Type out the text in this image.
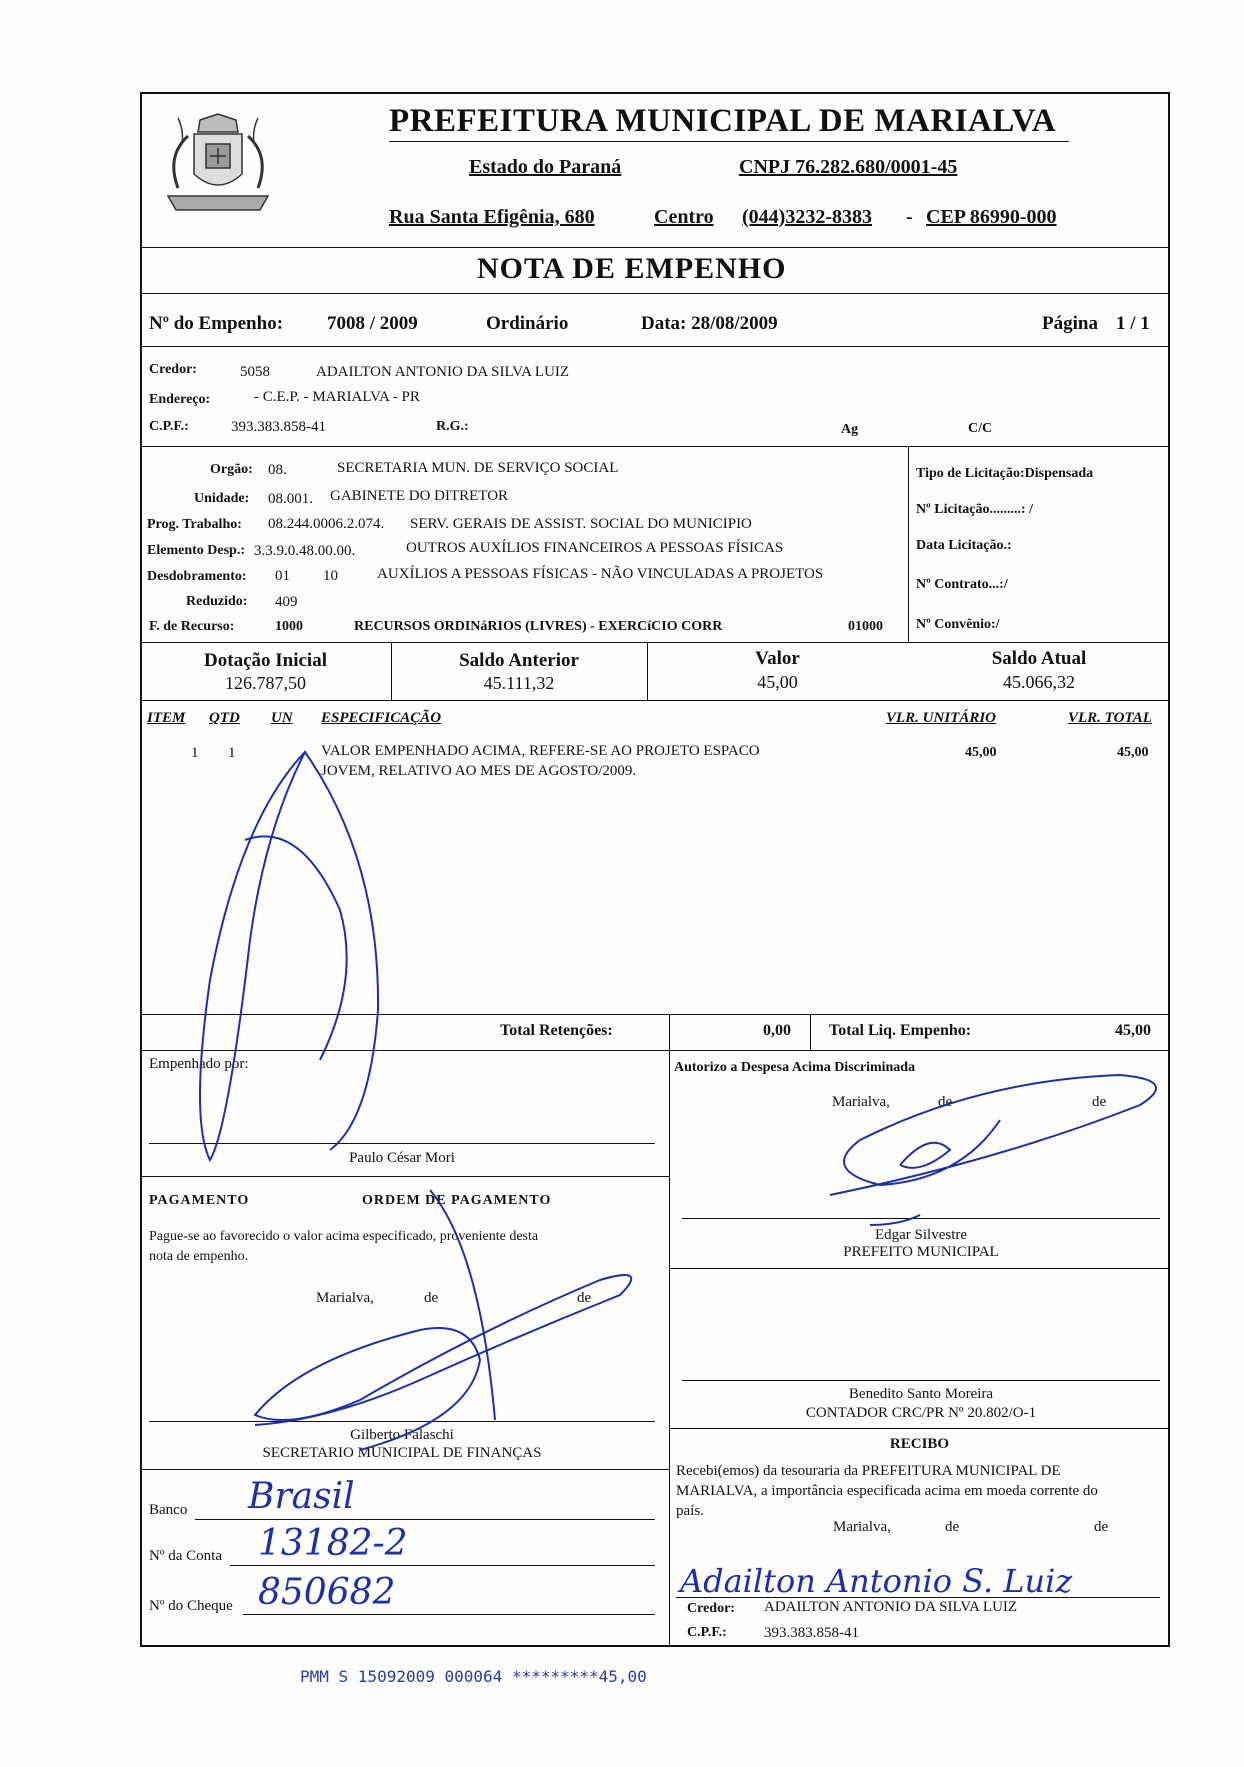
PREFEITURA MUNICIPAL DE MARIALVA
Estado do Paraná	CNPJ 76.282.680/0001-45
Rua Santa Efigênia, 680	Centro (044)3232-8383 - CEP 86990-000
NOTA DE EMPENHO
Nº do Empenho: 7008 / 2009	Ordinário	Data: 28/08/2009	Página 1 / 1
Credor:	5058	ADAILTON ANTONIO DA SILVA LUIZ
Endereço:	- C.E.P. - MARIALVA - PR
C.P.F.:	393.383.858-41	R.G.:	Ag	C/C
Orgão: 08.	SECRETARIA MUN. DE SERVIÇO SOCIAL
Unidade: 08.001. GABINETE DO DITRETOR
Prog. Trabalho: 08.244.0006.2.074. SERV. GERAIS DE ASSIST. SOCIAL DO MUNICIPIO
Elemento Desp.: 3.3.9.0.48.00.00.	OUTROS AUXÍLIOS FINANCEIROS A PESSOAS FÍSICAS
Desdobramento: 01 10	AUXÍLIOS A PESSOAS FÍSICAS - NÃO VINCULADAS A PROJETOS
Reduzido: 409
F. de Recurso:	1000	RECURSOS ORDINáRIOS (LIVRES) - EXERCíCIO CORR	01000
Tipo de Licitação:Dispensada
Nº Licitação.........: /
Data Licitação.:
Nº Contrato...:/
Nº Convênio:/
Dotação Inicial
126.787,50
Saldo Anterior
45.111,32
Valor
45,00
Saldo Atual
45.066,32
ITEM QTD UN ESPECIFICAÇÃO	VLR. UNITÁRIO	VLR. TOTAL
1 1	VALOR EMPENHADO ACIMA, REFERE-SE AO PROJETO ESPACO
JOVEM, RELATIVO AO MES DE AGOSTO/2009.
45,00	45,00
Total Retenções:	0,00 Total Liq. Empenho:	45,00
Empenhado por:
Paulo César Mori
PAGAMENTO	ORDEM DE PAGAMENTO
Pague-se ao favorecido o valor acima especificado, proveniente desta
nota de empenho.
Marialva,	de	de
Gilberto Falaschi
SECRETARIO MUNICIPAL DE FINANÇAS
Banco Brasil
Nº da Conta 13182-2
Nº do Cheque 850682
Autorizo a Despesa Acima Discriminada
Marialva,	de	de
Edgar Silvestre
PREFEITO MUNICIPAL
Benedito Santo Moreira
CONTADOR CRC/PR Nº 20.802/O-1
RECIBO
Recebi(emos) da tesouraria da PREFEITURA MUNICIPAL DE
MARIALVA, a importância especificada acima em moeda corrente do
país.
Marialva,	de	de
Adailton Antonio S. Luiz
Credor: ADAILTON ANTONIO DA SILVA LUIZ
C.P.F.: 393.383.858-41
PMM S 15092009 000064 *********45,00
